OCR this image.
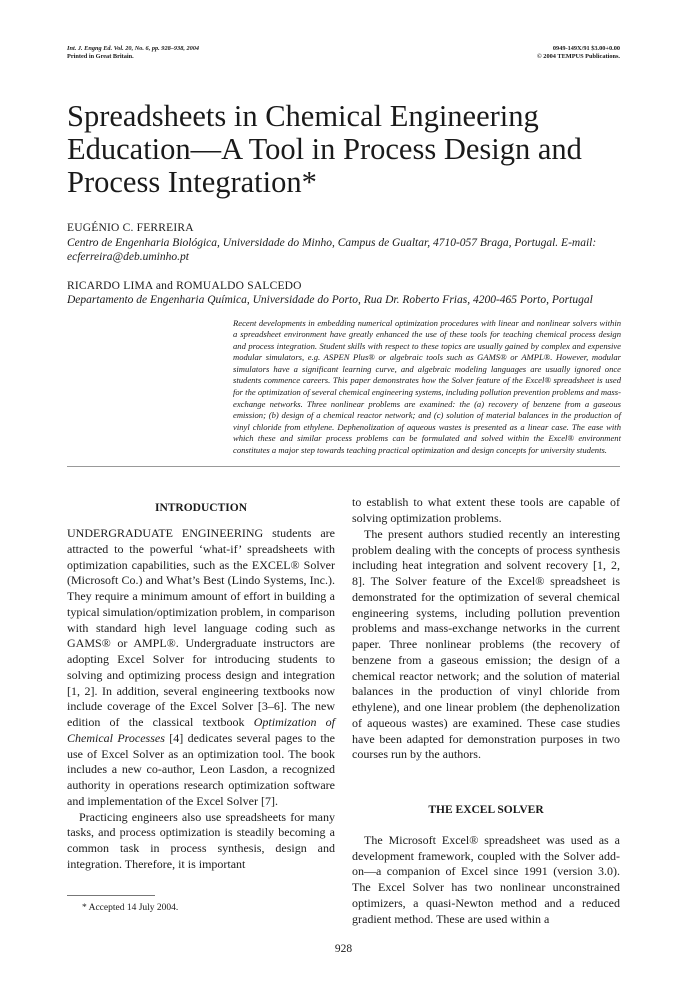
Int. J. Engng Ed. Vol. 20, No. 6, pp. 928–938, 2004
Printed in Great Britain.
0949-149X/91 $3.00+0.00
© 2004 TEMPUS Publications.
Spreadsheets in Chemical Engineering Education—A Tool in Process Design and Process Integration*
EUGÉNIO C. FERREIRA
Centro de Engenharia Biológica, Universidade do Minho, Campus de Gualtar, 4710-057 Braga, Portugal. E-mail: ecferreira@deb.uminho.pt
RICARDO LIMA and ROMUALDO SALCEDO
Departamento de Engenharia Química, Universidade do Porto, Rua Dr. Roberto Frias, 4200-465 Porto, Portugal

Recent developments in embedding numerical optimization procedures with linear and nonlinear solvers within a spreadsheet environment have greatly enhanced the use of these tools for teaching chemical process design and process integration. Student skills with respect to these topics are usually gained by complex and expensive modular simulators, e.g. ASPEN Plus® or algebraic tools such as GAMS® or AMPL®. However, modular simulators have a significant learning curve, and algebraic modeling languages are usually ignored once students commence careers. This paper demonstrates how the Solver feature of the Excel® spreadsheet is used for the optimization of several chemical engineering systems, including pollution prevention problems and mass-exchange networks. Three nonlinear problems are examined: the (a) recovery of benzene from a gaseous emission; (b) design of a chemical reactor network; and (c) solution of material balances in the production of vinyl chloride from ethylene. Dephenolization of aqueous wastes is presented as a linear case. The ease with which these and similar process problems can be formulated and solved within the Excel® environment constitutes a major step towards teaching practical optimization and design concepts for university students.

INTRODUCTION

UNDERGRADUATE ENGINEERING students are attracted to the powerful ‘what-if’ spreadsheets with optimization capabilities, such as the EXCEL® Solver (Microsoft Co.) and What’s Best (Lindo Systems, Inc.). They require a minimum amount of effort in building a typical simulation/optimization problem, in comparison with standard high level language coding such as GAMS® or AMPL®. Undergraduate instructors are adopting Excel Solver for introducing students to solving and optimizing process design and integration [1, 2]. In addition, several engineering textbooks now include coverage of the Excel Solver [3–6]. The new edition of the classical textbook Optimization of Chemical Processes [4] dedicates several pages to the use of Excel Solver as an optimization tool. The book includes a new co-author, Leon Lasdon, a recognized authority in operations research optimization software and implementation of the Excel Solver [7].

Practicing engineers also use spreadsheets for many tasks, and process optimization is steadily becoming a common task in process synthesis, design and integration. Therefore, it is important

* Accepted 14 July 2004.

to establish to what extent these tools are capable of solving optimization problems.

The present authors studied recently an interesting problem dealing with the concepts of process synthesis including heat integration and solvent recovery [1, 2, 8]. The Solver feature of the Excel® spreadsheet is demonstrated for the optimization of several chemical engineering systems, including pollution prevention problems and mass-exchange networks in the current paper. Three nonlinear problems (the recovery of benzene from a gaseous emission; the design of a chemical reactor network; and the solution of material balances in the production of vinyl chloride from ethylene), and one linear problem (the dephenolization of aqueous wastes) are examined. These case studies have been adapted for demonstration purposes in two courses run by the authors.

THE EXCEL SOLVER

The Microsoft Excel® spreadsheet was used as a development framework, coupled with the Solver add-on—a companion of Excel since 1991 (version 3.0). The Excel Solver has two nonlinear unconstrained optimizers, a quasi-Newton method and a reduced gradient method. These are used within a

928
